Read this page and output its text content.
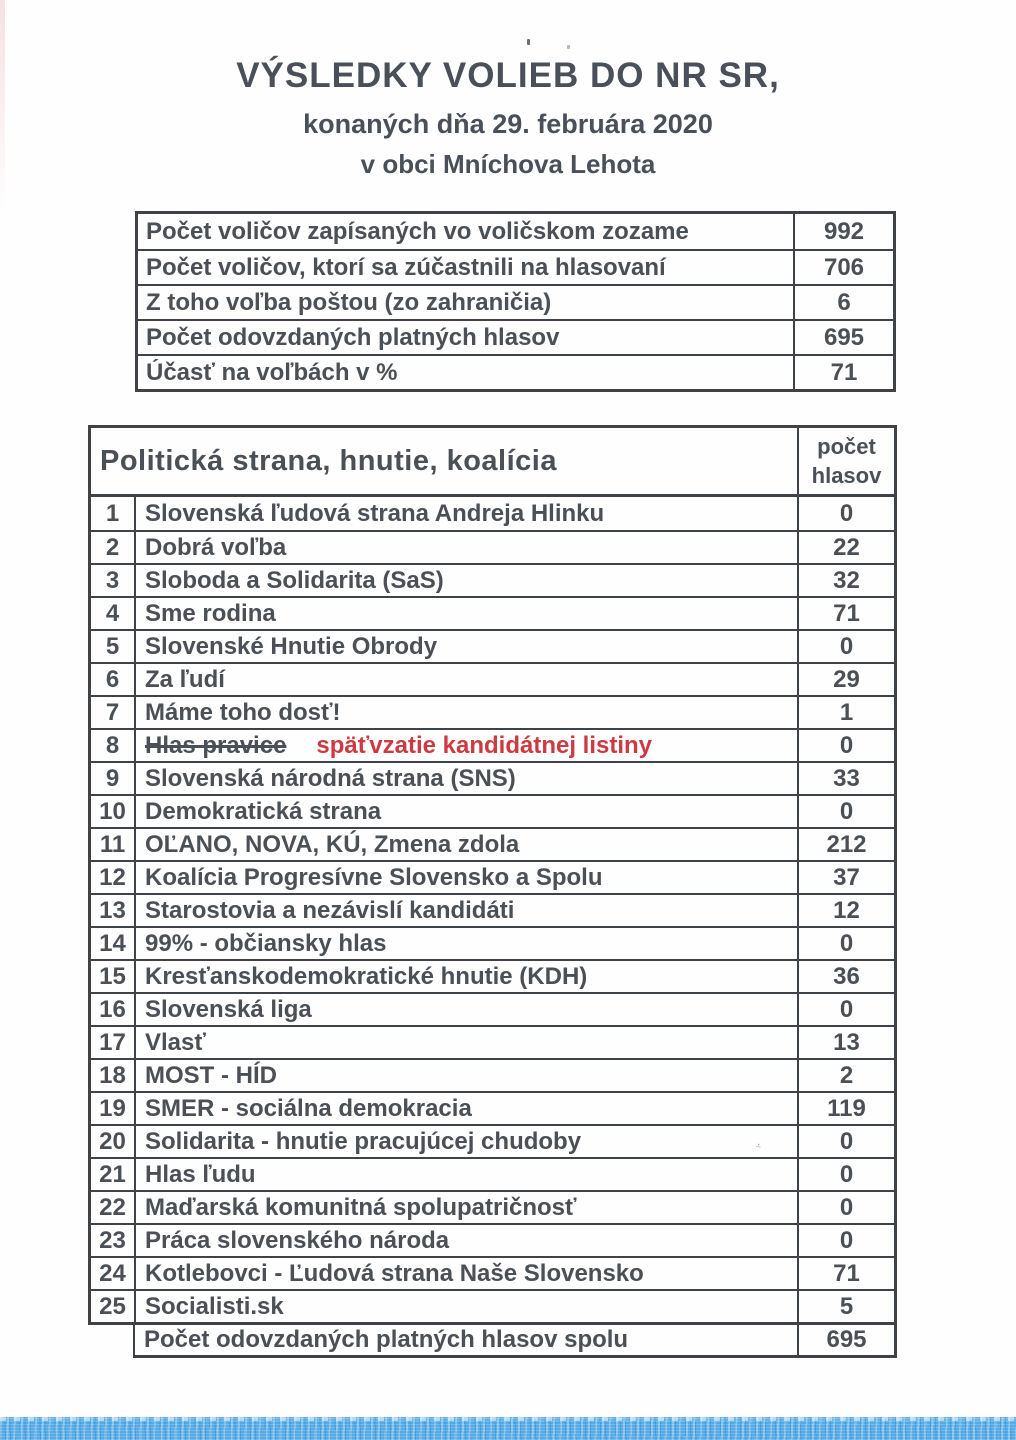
VÝSLEDKY VOLIEB DO NR SR,
konaných dňa 29. februára 2020
v obci Mníchova Lehota
Počet voličov zapísaných vo voličskom zozame	992
Počet voličov, ktorí sa zúčastnili na hlasovaní	706
Z toho voľba poštou (zo zahraničia)	6
Počet odovzdaných platných hlasov	695
Účasť na voľbách v %	71
Politická strana, hnutie, koalícia	počet
hlasov
1	Slovenská ľudová strana Andreja Hlinku	0
2	Dobrá voľba	22
3	Sloboda a Solidarita (SaS)	32
4	Sme rodina	71
5	Slovenské Hnutie Obrody	0
6	Za ľudí	29
7	Máme toho dosť!	1
8	Hlas pravice späťvzatie kandidátnej listiny	0
9	Slovenská národná strana (SNS)	33
10 Demokratická strana	0
11 OĽANO, NOVA, KÚ, Zmena zdola	212
12 Koalícia Progresívne Slovensko a Spolu	37
13 Starostovia a nezávislí kandidáti	12
14 99% - občiansky hlas	0
15 Kresťanskodemokratické hnutie (KDH)	36
16 Slovenská liga	0
17 Vlasť	13
18 MOST - HÍD	2
19 SMER - sociálna demokracia	119
20 Solidarita - hnutie pracujúcej chudoby	0
21 Hlas ľudu	0
22 Maďarská komunitná spolupatričnosť	0
23 Práca slovenského národa	0
24 Kotlebovci - Ľudová strana Naše Slovensko	71
25 Socialisti.sk	5
Počet odovzdaných platných hlasov spolu	695
⁻̇
